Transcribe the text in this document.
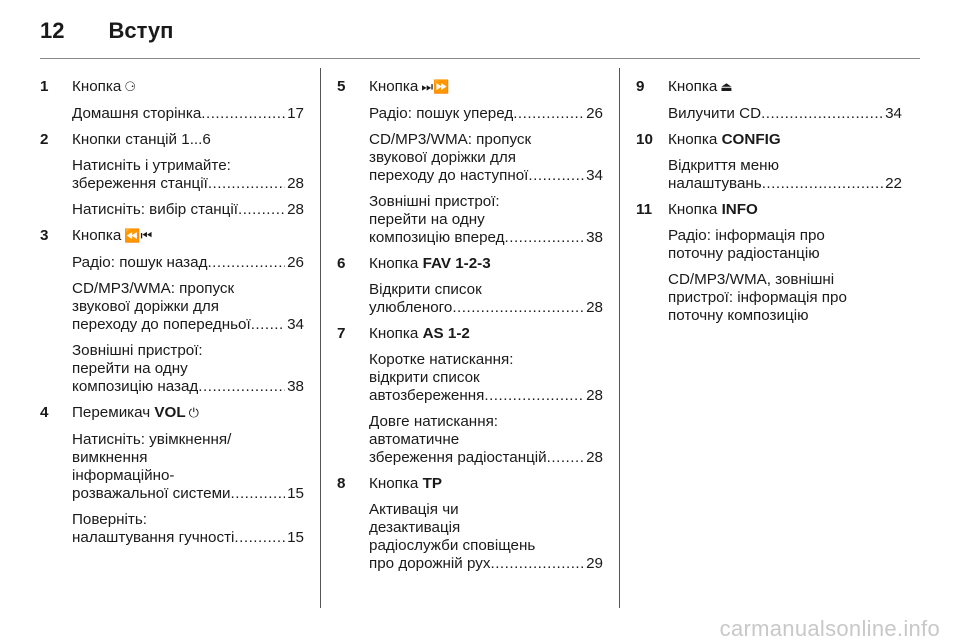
12 Вступ
1	Кнопка ⚆
Домашня сторінка .....	17
2	Кнопки станцій 1...6
Натисніть і утримайте:
збереження станції .....	28
Натисніть: вибір станції .....	28
3	Кнопка ⏪⏮
Радіо: пошук назад .....	26
CD/MP3/WMA: пропуск
звукової доріжки для
переходу до попередньої ..... 34
Зовнішні пристрої:
перейти на одну
композицію назад .....	38
4	Перемикач VOL ⏻
Натисніть: увімкнення/
вимкнення
інформаційно-
розважальної системи .....	15
Поверніть:
налаштування гучності .....	15
5	Кнопка ⏭⏩
Радіо: пошук уперед .....	26
CD/MP3/WMA: пропуск
звукової доріжки для
переходу до наступної .....	34
Зовнішні пристрої:
перейти на одну
композицію вперед .....	38
6	Кнопка FAV 1-2-3
Відкрити список
улюбленого .....	28
7	Кнопка AS 1-2
Коротке натискання:
відкрити список
автозбереження .....	28
Довге натискання:
автоматичне
збереження радіостанцій .....	28
8	Кнопка TP
Активація чи
дезактивація
радіослужби сповіщень
про дорожній рух .....	29
9	Кнопка ⏏
Вилучити CD .....	34
10 Кнопка CONFIG
Відкриття меню
налаштувань .....	22
11	Кнопка INFO
Радіо: інформація про
поточну радіостанцію
CD/MP3/WMA, зовнішні
пристрої: інформація про
поточну композицію
carmanualsonline.info
